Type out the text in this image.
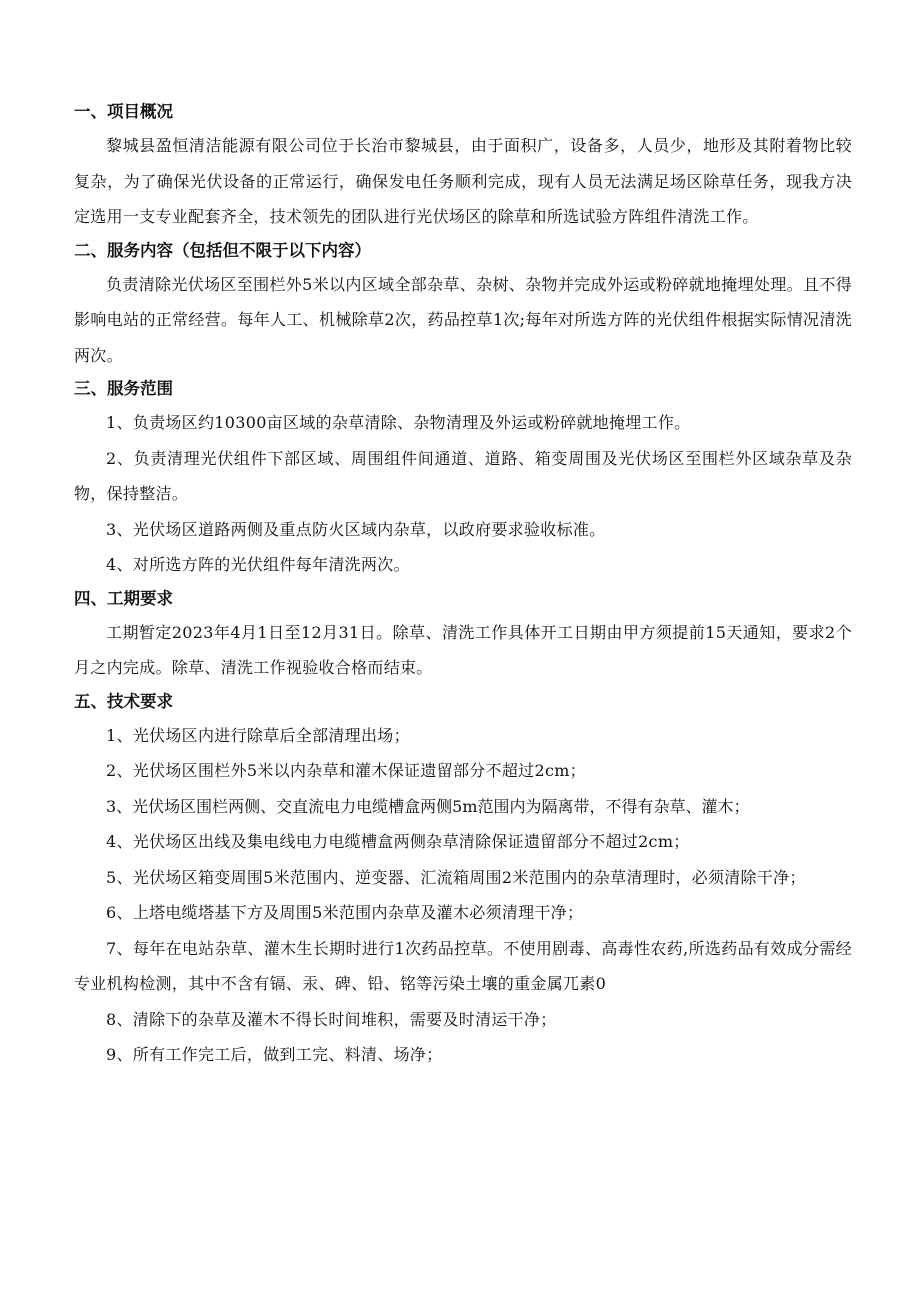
一、项目概况

黎城县盈恒清洁能源有限公司位于长治市黎城县，由于面积广，设备多，人员少，地形及其附着物比较复杂，为了确保光伏设备的正常运行，确保发电任务顺利完成，现有人员无法满足场区除草任务，现我方决定选用一支专业配套齐全，技术领先的团队进行光伏场区的除草和所选试验方阵组件清洗工作。

二、服务内容（包括但不限于以下内容）

负责清除光伏场区至围栏外5米以内区域全部杂草、杂树、杂物并完成外运或粉碎就地掩埋处理。且不得影响电站的正常经营。每年人工、机械除草2次，药品控草1次;每年对所选方阵的光伏组件根据实际情况清洗两次。

三、服务范围

1、负责场区约10300亩区域的杂草清除、杂物清理及外运或粉碎就地掩埋工作。

2、负责清理光伏组件下部区域、周围组件间通道、道路、箱变周围及光伏场区至围栏外区域杂草及杂物，保持整洁。

3、光伏场区道路两侧及重点防火区域内杂草，以政府要求验收标准。

4、对所选方阵的光伏组件每年清洗两次。

四、工期要求

工期暂定2023年4月1日至12月31日。除草、清洗工作具体开工日期由甲方须提前15天通知，要求2个月之内完成。除草、清洗工作视验收合格而结束。

五、技术要求

1、光伏场区内进行除草后全部清理出场；

2、光伏场区围栏外5米以内杂草和灌木保证遗留部分不超过2cm；

3、光伏场区围栏两侧、交直流电力电缆槽盒两侧5m范围内为隔离带，不得有杂草、灌木；

4、光伏场区出线及集电线电力电缆槽盒两侧杂草清除保证遗留部分不超过2cm；

5、光伏场区箱变周围5米范围内、逆变器、汇流箱周围2米范围内的杂草清理时，必须清除干净；

6、上塔电缆塔基下方及周围5米范围内杂草及灌木必须清理干净；

7、每年在电站杂草、灌木生长期时进行1次药品控草。不使用剧毒、高毒性农药,所选药品有效成分需经专业机构检测，其中不含有镉、汞、碑、铅、铭等污染土壤的重金属兀素0

8、清除下的杂草及灌木不得长时间堆积，需要及时清运干净；

9、所有工作完工后，做到工完、料清、场净；
